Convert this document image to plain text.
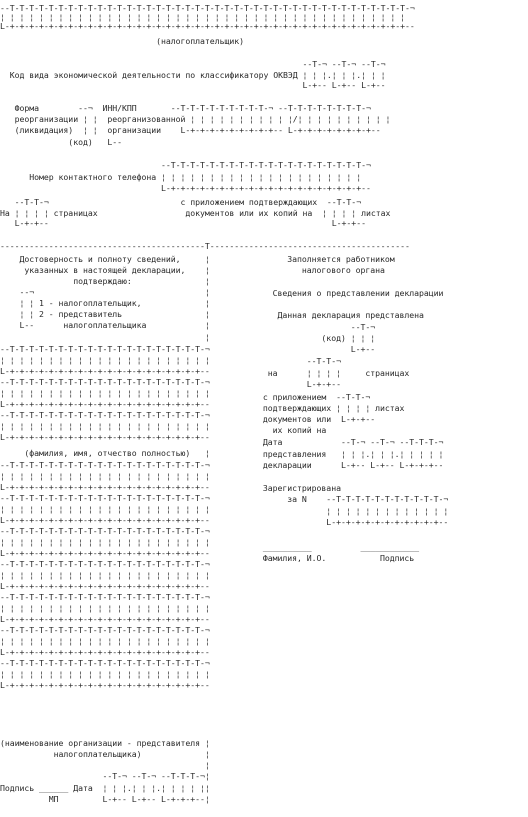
--T-T-T-T-T-T-T-T-T-T-T-T-T-T-T-T-T-T-T-T-T-T-T-T-T-T-T-T-T-T-T-T-T-T-T-T-T-T-T-T-T-¬
¦ ¦ ¦ ¦ ¦ ¦ ¦ ¦ ¦ ¦ ¦ ¦ ¦ ¦ ¦ ¦ ¦ ¦ ¦ ¦ ¦ ¦ ¦ ¦ ¦ ¦ ¦ ¦ ¦ ¦ ¦ ¦ ¦ ¦ ¦ ¦ ¦ ¦ ¦ ¦ ¦ ¦
L-+-+-+-+-+-+-+-+-+-+-+-+-+-+-+-+-+-+-+-+-+-+-+-+-+-+-+-+-+-+-+-+-+-+-+-+-+-+-+-+-+--
(налогоплательщик)
--T-¬ --T-¬ --T-¬
Код вида экономической деятельности по классификатору ОКВЭД ¦ ¦ ¦.¦ ¦ ¦.¦ ¦ ¦
L-+-- L-+-- L-+--
Форма        --¬  ИНН/КПП       --T-T-T-T-T-T-T-T-T-¬ --T-T-T-T-T-T-T-T-¬
реорганизации ¦ ¦  реорганизованной ¦ ¦ ¦ ¦ ¦ ¦ ¦ ¦ ¦ ¦ ¦/¦ ¦ ¦ ¦ ¦ ¦ ¦ ¦ ¦ ¦
(ликвидация)  ¦ ¦  организации    L-+-+-+-+-+-+-+-+-+-- L-+-+-+-+-+-+-+-+--
(код)   L--
--T-T-T-T-T-T-T-T-T-T-T-T-T-T-T-T-T-T-T-T-¬
Номер контактного телефона ¦ ¦ ¦ ¦ ¦ ¦ ¦ ¦ ¦ ¦ ¦ ¦ ¦ ¦ ¦ ¦ ¦ ¦ ¦ ¦ ¦
L-+-+-+-+-+-+-+-+-+-+-+-+-+-+-+-+-+-+-+-+--
--T-T-¬                           с приложением подтверждающих  --T-T-¬
На ¦ ¦ ¦ ¦ страницах                  документов или их копий на  ¦ ¦ ¦ ¦ листах
L-+-+--                                                          L-+-+--
------------------------------------------T-----------------------------------------
Достоверность и полноту сведений,     ¦
указанных в настоящей декларации,    ¦
подтверждаю:               ¦
--¬                                   ¦
¦ ¦ 1 - налогоплательщик,             ¦
¦ ¦ 2 - представитель                 ¦
L--      налогоплательщика            ¦
¦
--T-T-T-T-T-T-T-T-T-T-T-T-T-T-T-T-T-T-T-T-¬
¦ ¦ ¦ ¦ ¦ ¦ ¦ ¦ ¦ ¦ ¦ ¦ ¦ ¦ ¦ ¦ ¦ ¦ ¦ ¦ ¦ ¦
L-+-+-+-+-+-+-+-+-+-+-+-+-+-+-+-+-+-+-+-+--
--T-T-T-T-T-T-T-T-T-T-T-T-T-T-T-T-T-T-T-T-¬
¦ ¦ ¦ ¦ ¦ ¦ ¦ ¦ ¦ ¦ ¦ ¦ ¦ ¦ ¦ ¦ ¦ ¦ ¦ ¦ ¦ ¦
L-+-+-+-+-+-+-+-+-+-+-+-+-+-+-+-+-+-+-+-+--
--T-T-T-T-T-T-T-T-T-T-T-T-T-T-T-T-T-T-T-T-¬
¦ ¦ ¦ ¦ ¦ ¦ ¦ ¦ ¦ ¦ ¦ ¦ ¦ ¦ ¦ ¦ ¦ ¦ ¦ ¦ ¦ ¦
L-+-+-+-+-+-+-+-+-+-+-+-+-+-+-+-+-+-+-+-+--
(фамилия, имя, отчество полностью)   ¦
--T-T-T-T-T-T-T-T-T-T-T-T-T-T-T-T-T-T-T-T-¬
¦ ¦ ¦ ¦ ¦ ¦ ¦ ¦ ¦ ¦ ¦ ¦ ¦ ¦ ¦ ¦ ¦ ¦ ¦ ¦ ¦ ¦
L-+-+-+-+-+-+-+-+-+-+-+-+-+-+-+-+-+-+-+-+--
--T-T-T-T-T-T-T-T-T-T-T-T-T-T-T-T-T-T-T-T-¬
¦ ¦ ¦ ¦ ¦ ¦ ¦ ¦ ¦ ¦ ¦ ¦ ¦ ¦ ¦ ¦ ¦ ¦ ¦ ¦ ¦ ¦
L-+-+-+-+-+-+-+-+-+-+-+-+-+-+-+-+-+-+-+-+--
--T-T-T-T-T-T-T-T-T-T-T-T-T-T-T-T-T-T-T-T-¬
¦ ¦ ¦ ¦ ¦ ¦ ¦ ¦ ¦ ¦ ¦ ¦ ¦ ¦ ¦ ¦ ¦ ¦ ¦ ¦ ¦ ¦
L-+-+-+-+-+-+-+-+-+-+-+-+-+-+-+-+-+-+-+-+--
--T-T-T-T-T-T-T-T-T-T-T-T-T-T-T-T-T-T-T-T-¬
¦ ¦ ¦ ¦ ¦ ¦ ¦ ¦ ¦ ¦ ¦ ¦ ¦ ¦ ¦ ¦ ¦ ¦ ¦ ¦ ¦ ¦
L-+-+-+-+-+-+-+-+-+-+-+-+-+-+-+-+-+-+-+-+--
--T-T-T-T-T-T-T-T-T-T-T-T-T-T-T-T-T-T-T-T-¬
¦ ¦ ¦ ¦ ¦ ¦ ¦ ¦ ¦ ¦ ¦ ¦ ¦ ¦ ¦ ¦ ¦ ¦ ¦ ¦ ¦ ¦
L-+-+-+-+-+-+-+-+-+-+-+-+-+-+-+-+-+-+-+-+--
--T-T-T-T-T-T-T-T-T-T-T-T-T-T-T-T-T-T-T-T-¬
¦ ¦ ¦ ¦ ¦ ¦ ¦ ¦ ¦ ¦ ¦ ¦ ¦ ¦ ¦ ¦ ¦ ¦ ¦ ¦ ¦ ¦
L-+-+-+-+-+-+-+-+-+-+-+-+-+-+-+-+-+-+-+-+--
--T-T-T-T-T-T-T-T-T-T-T-T-T-T-T-T-T-T-T-T-¬
¦ ¦ ¦ ¦ ¦ ¦ ¦ ¦ ¦ ¦ ¦ ¦ ¦ ¦ ¦ ¦ ¦ ¦ ¦ ¦ ¦ ¦
L-+-+-+-+-+-+-+-+-+-+-+-+-+-+-+-+-+-+-+-+--
(наименование организации - представителя ¦
налогоплательщика)             ¦
¦
--T-¬ --T-¬ --T-T-T-¬¦
Подпись ______ Дата  ¦ ¦ ¦.¦ ¦ ¦.¦ ¦ ¦ ¦ ¦¦
МП         L-+-- L-+-- L-+-+-+--¦
Заполняется работником
налогового органа
Сведения о представлении декларации
Данная декларация представлена
--T-¬
(код) ¦ ¦ ¦
L-+--
--T-T-¬
на      ¦ ¦ ¦ ¦     страницах
L-+-+--
с приложением  --T-T-¬
подтверждающих ¦ ¦ ¦ ¦ листах
документов или  L-+-+--
их копий на
Дата            --T-¬ --T-¬ --T-T-T-¬
представления   ¦ ¦ ¦.¦ ¦ ¦.¦ ¦ ¦ ¦ ¦
декларации      L-+-- L-+-- L-+-+-+--
Зарегистрирована
за N    --T-T-T-T-T-T-T-T-T-T-T-¬
¦ ¦ ¦ ¦ ¦ ¦ ¦ ¦ ¦ ¦ ¦ ¦ ¦
L-+-+-+-+-+-+-+-+-+-+-+--
__________          ____________
Фамилия, И.О.           Подпись
